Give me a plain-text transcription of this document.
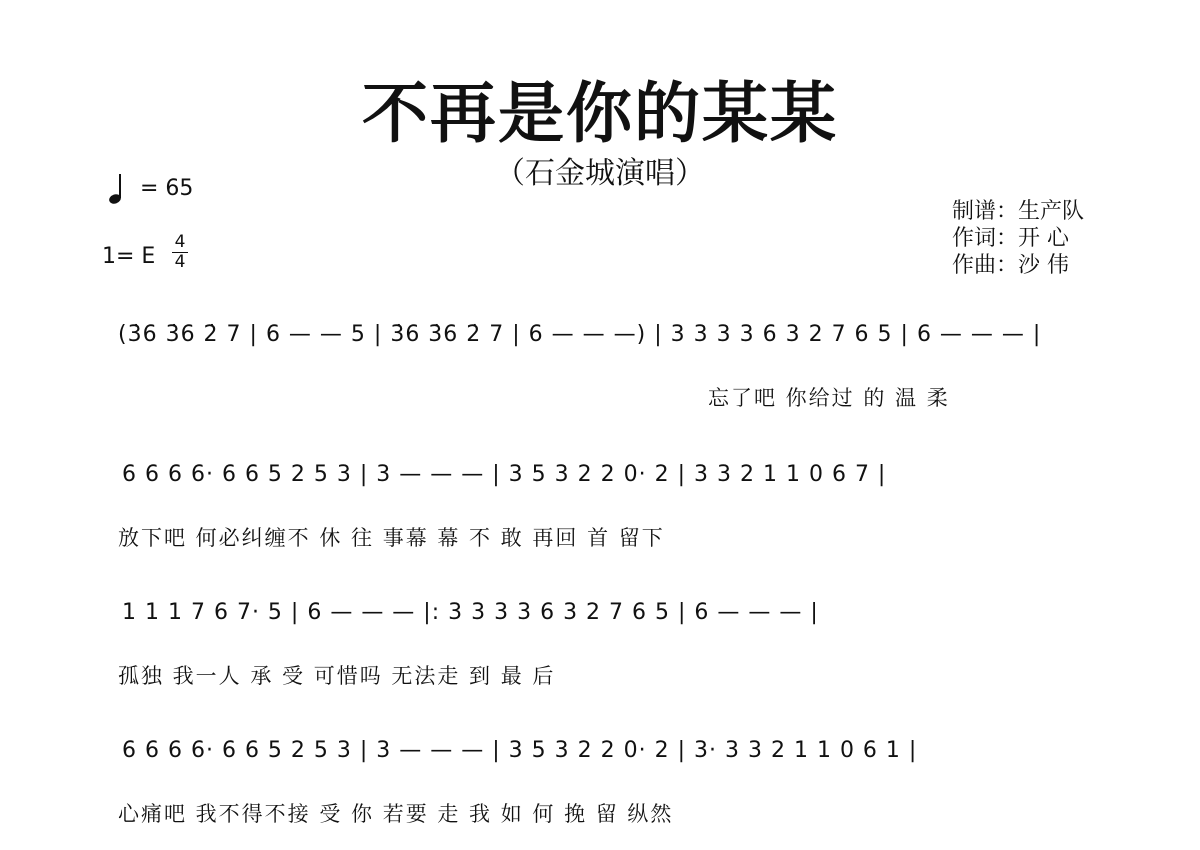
不再是你的某某
（石金城演唱）
= 65
1= E
4
4
制谱：生产队
作词：开 心
作曲：沙 伟
(3̇6 3̇6 2̇ 7 | 6 — — 5 | 3̇6 3̇6 2̇ 7 | 6 — — —) | 3 3 3 3 6 3 2 7 6 5 | 6 — — — |
忘了吧 你给过 的 温 柔
6 6 6 6· 6 6 5 2 5 3 | 3 — — — | 3 5 3 2 2 0· 2 | 3 3 2 1 1 0 6 7 |
放下吧 何必纠缠不 休 往 事幕 幕 不 敢 再回 首 留下
1 1 1 7 6 7· 5 | 6 — — — |: 3 3 3 3 6 3 2 7 6 5 | 6 — — — |
孤独 我一人 承 受 可惜吗 无法走 到 最 后
6 6 6 6· 6 6 5 2 5 3 | 3 — — — | 3 5 3 2 2 0· 2 | 3· 3 3 2 1 1 0 6 1 |
心痛吧 我不得不接 受 你 若要 走 我 如 何 挽 留 纵然
